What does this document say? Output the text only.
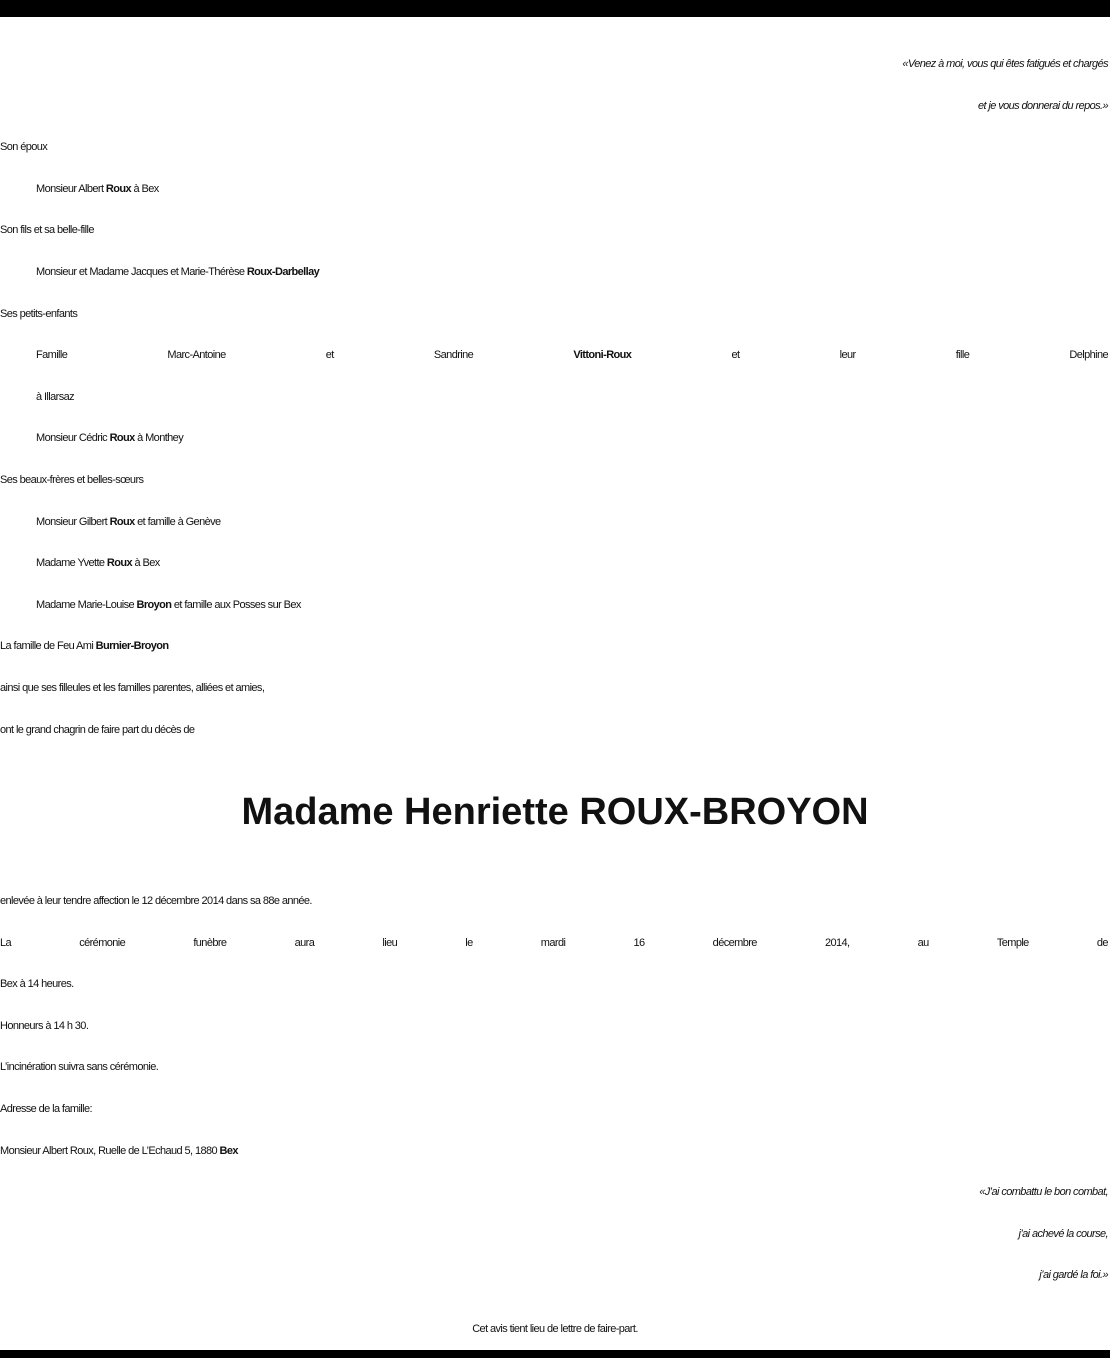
«Venez à moi, vous qui êtes fatigués et chargés
et je vous donnerai du repos.»
Son époux
Monsieur Albert Roux à Bex
Son fils et sa belle-fille
Monsieur et Madame Jacques et Marie-Thérèse Roux-Darbellay
Ses petits-enfants
Famille	Marc-Antoine	et	Sandrine	Vittoni-Roux	et	leur	fille	Delphine
à Illarsaz
Monsieur Cédric Roux à Monthey
Ses beaux-frères et belles-sœurs
Monsieur Gilbert Roux et famille à Genève
Madame Yvette Roux à Bex
Madame Marie-Louise Broyon et famille aux Posses sur Bex
La famille de Feu Ami Burnier-Broyon
ainsi que ses filleules et les familles parentes, alliées et amies,
ont le grand chagrin de faire part du décès de
Madame Henriette ROUX-BROYON
enlevée à leur tendre affection le 12 décembre 2014 dans sa 88e année.
La	cérémonie	funèbre	aura	lieu	le	mardi	16	décembre	2014,	au	Temple	de
Bex à 14 heures.
Honneurs à 14 h 30.
L’incinération suivra sans cérémonie.
Adresse de la famille:
Monsieur Albert Roux, Ruelle de L’Echaud 5, 1880 Bex
«J’ai combattu le bon combat,
j’ai achevé la course,
j’ai gardé la foi.»
Cet avis tient lieu de lettre de faire-part.
